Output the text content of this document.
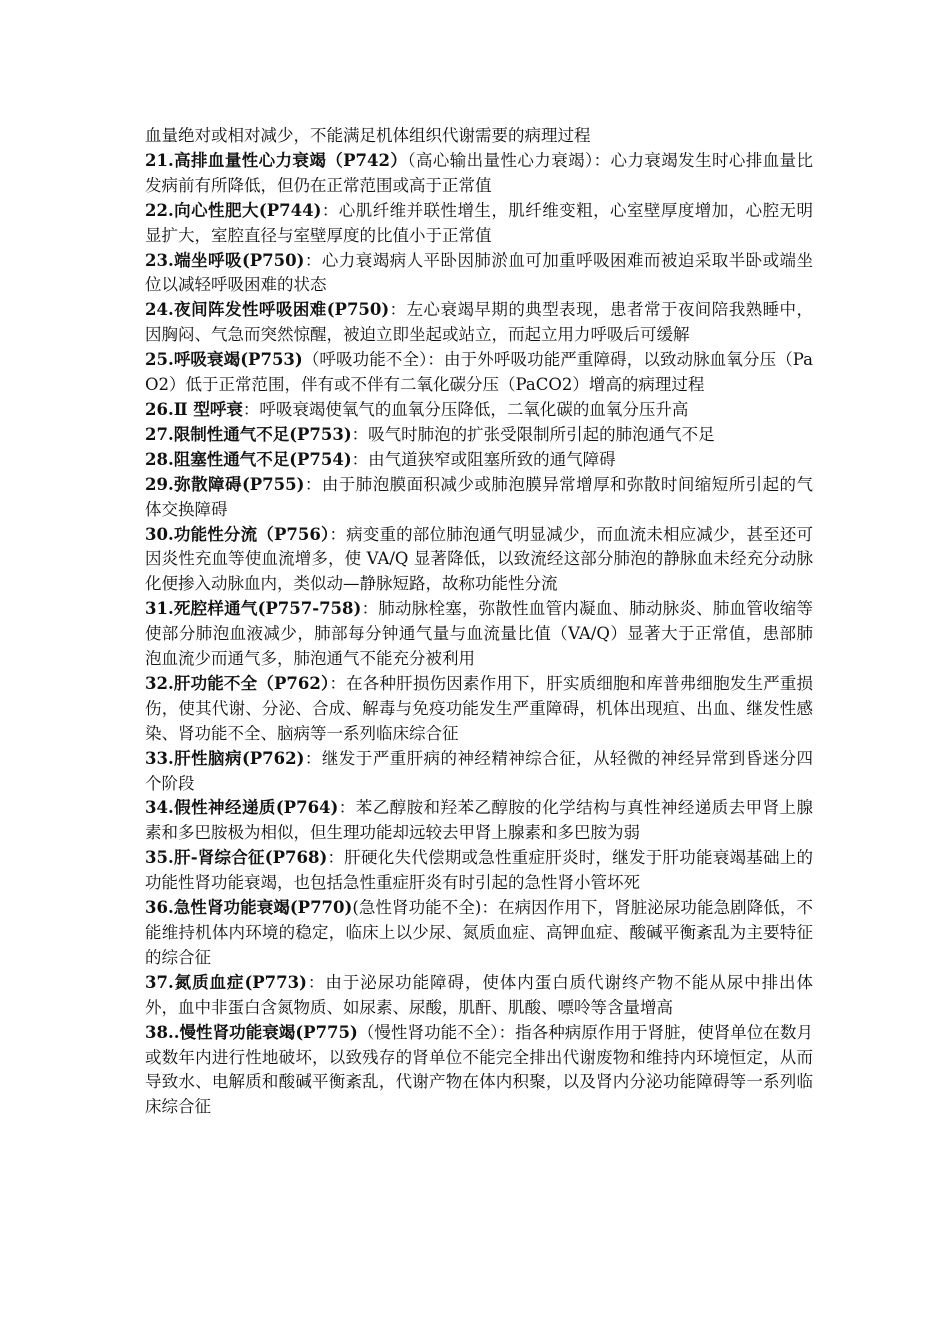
血量绝对或相对减少，不能满足机体组织代谢需要的病理过程

21.高排血量性心力衰竭（P742）（高心输出量性心力衰竭）：心力衰竭发生时心排血量比发病前有所降低，但仍在正常范围或高于正常值

22.向心性肥大(P744)：心肌纤维并联性增生，肌纤维变粗，心室壁厚度增加，心腔无明显扩大，室腔直径与室壁厚度的比值小于正常值

23.端坐呼吸(P750)：心力衰竭病人平卧因肺淤血可加重呼吸困难而被迫采取半卧或端坐位以减轻呼吸困难的状态

24.夜间阵发性呼吸困难(P750)：左心衰竭早期的典型表现，患者常于夜间陪我熟睡中，因胸闷、气急而突然惊醒，被迫立即坐起或站立，而起立用力呼吸后可缓解

25.呼吸衰竭(P753)（呼吸功能不全）：由于外呼吸功能严重障碍，以致动脉血氧分压（PaO2）低于正常范围，伴有或不伴有二氧化碳分压（PaCO2）增高的病理过程

26.Ⅱ 型呼衰：呼吸衰竭使氧气的血氧分压降低，二氧化碳的血氧分压升高

27.限制性通气不足(P753)：吸气时肺泡的扩张受限制所引起的肺泡通气不足

28.阻塞性通气不足(P754)：由气道狭窄或阻塞所致的通气障碍

29.弥散障碍(P755)：由于肺泡膜面积减少或肺泡膜异常增厚和弥散时间缩短所引起的气体交换障碍

30.功能性分流（P756）：病变重的部位肺泡通气明显减少，而血流未相应减少，甚至还可因炎性充血等使血流增多，使 VA/Q 显著降低，以致流经这部分肺泡的静脉血未经充分动脉化便掺入动脉血内，类似动—静脉短路，故称功能性分流

31.死腔样通气(P757-758)：肺动脉栓塞，弥散性血管内凝血、肺动脉炎、肺血管收缩等使部分肺泡血液减少，肺部每分钟通气量与血流量比值（VA/Q）显著大于正常值，患部肺泡血流少而通气多，肺泡通气不能充分被利用

32.肝功能不全（P762）：在各种肝损伤因素作用下，肝实质细胞和库普弗细胞发生严重损伤，使其代谢、分泌、合成、解毒与免疫功能发生严重障碍，机体出现疸、出血、继发性感染、肾功能不全、脑病等一系列临床综合征

33.肝性脑病(P762)：继发于严重肝病的神经精神综合征，从轻微的神经异常到昏迷分四个阶段

34.假性神经递质(P764)：苯乙醇胺和羟苯乙醇胺的化学结构与真性神经递质去甲肾上腺素和多巴胺极为相似，但生理功能却远较去甲肾上腺素和多巴胺为弱

35.肝-肾综合征(P768)：肝硬化失代偿期或急性重症肝炎时，继发于肝功能衰竭基础上的功能性肾功能衰竭，也包括急性重症肝炎有时引起的急性肾小管坏死

36.急性肾功能衰竭(P770)(急性肾功能不全)：在病因作用下，肾脏泌尿功能急剧降低，不能维持机体内环境的稳定，临床上以少尿、氮质血症、高钾血症、酸碱平衡紊乱为主要特征的综合征

37.氮质血症(P773)：由于泌尿功能障碍，使体内蛋白质代谢终产物不能从尿中排出体外，血中非蛋白含氮物质、如尿素、尿酸，肌酐、肌酸、嘌呤等含量增高

38..慢性肾功能衰竭(P775)（慢性肾功能不全）：指各种病原作用于肾脏，使肾单位在数月或数年内进行性地破坏，以致残存的肾单位不能完全排出代谢废物和维持内环境恒定，从而导致水、电解质和酸碱平衡紊乱，代谢产物在体内积聚，以及肾内分泌功能障碍等一系列临床综合征
